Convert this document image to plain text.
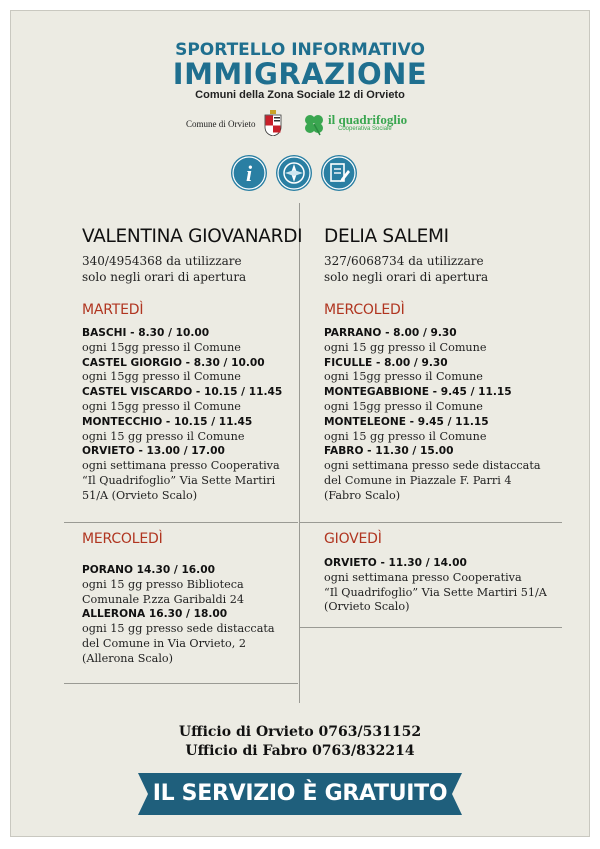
SPORTELLO INFORMATIVO
IMMIGRAZIONE
Comuni della Zona Sociale 12 di Orvieto
Comune di Orvieto	il quadrifoglio
Cooperativa Sociale
i
VALENTINA GIOVANARDI
340/4954368 da utilizzare
solo negli orari di apertura
MARTEDÌ
BASCHI - 8.30 / 10.00
ogni 15gg presso il Comune
CASTEL GIORGIO - 8.30 / 10.00
ogni 15gg presso il Comune
CASTEL VISCARDO - 10.15 / 11.45
ogni 15gg presso il Comune
MONTECCHIO - 10.15 / 11.45
ogni 15 gg presso il Comune
ORVIETO - 13.00 / 17.00
ogni settimana presso Cooperativa
“Il Quadrifoglio” Via Sette Martiri
51/A (Orvieto Scalo)
MERCOLEDÌ
PORANO 14.30 / 16.00
ogni 15 gg presso Biblioteca
Comunale P.zza Garibaldi 24
ALLERONA 16.30 / 18.00
ogni 15 gg presso sede distaccata
del Comune in Via Orvieto, 2
(Allerona Scalo)
DELIA SALEMI
327/6068734 da utilizzare
solo negli orari di apertura
MERCOLEDÌ
PARRANO - 8.00 / 9.30
ogni 15 gg presso il Comune
FICULLE - 8.00 / 9.30
ogni 15gg presso il Comune
MONTEGABBIONE - 9.45 / 11.15
ogni 15gg presso il Comune
MONTELEONE - 9.45 / 11.15
ogni 15 gg presso il Comune
FABRO - 11.30 / 15.00
ogni settimana presso sede distaccata
del Comune in Piazzale F. Parri 4
(Fabro Scalo)
GIOVEDÌ
ORVIETO - 11.30 / 14.00
ogni settimana presso Cooperativa
“Il Quadrifoglio” Via Sette Martiri 51/A
(Orvieto Scalo)
Ufficio di Orvieto 0763/531152
Ufficio di Fabro 0763/832214
IL SERVIZIO È GRATUITO
